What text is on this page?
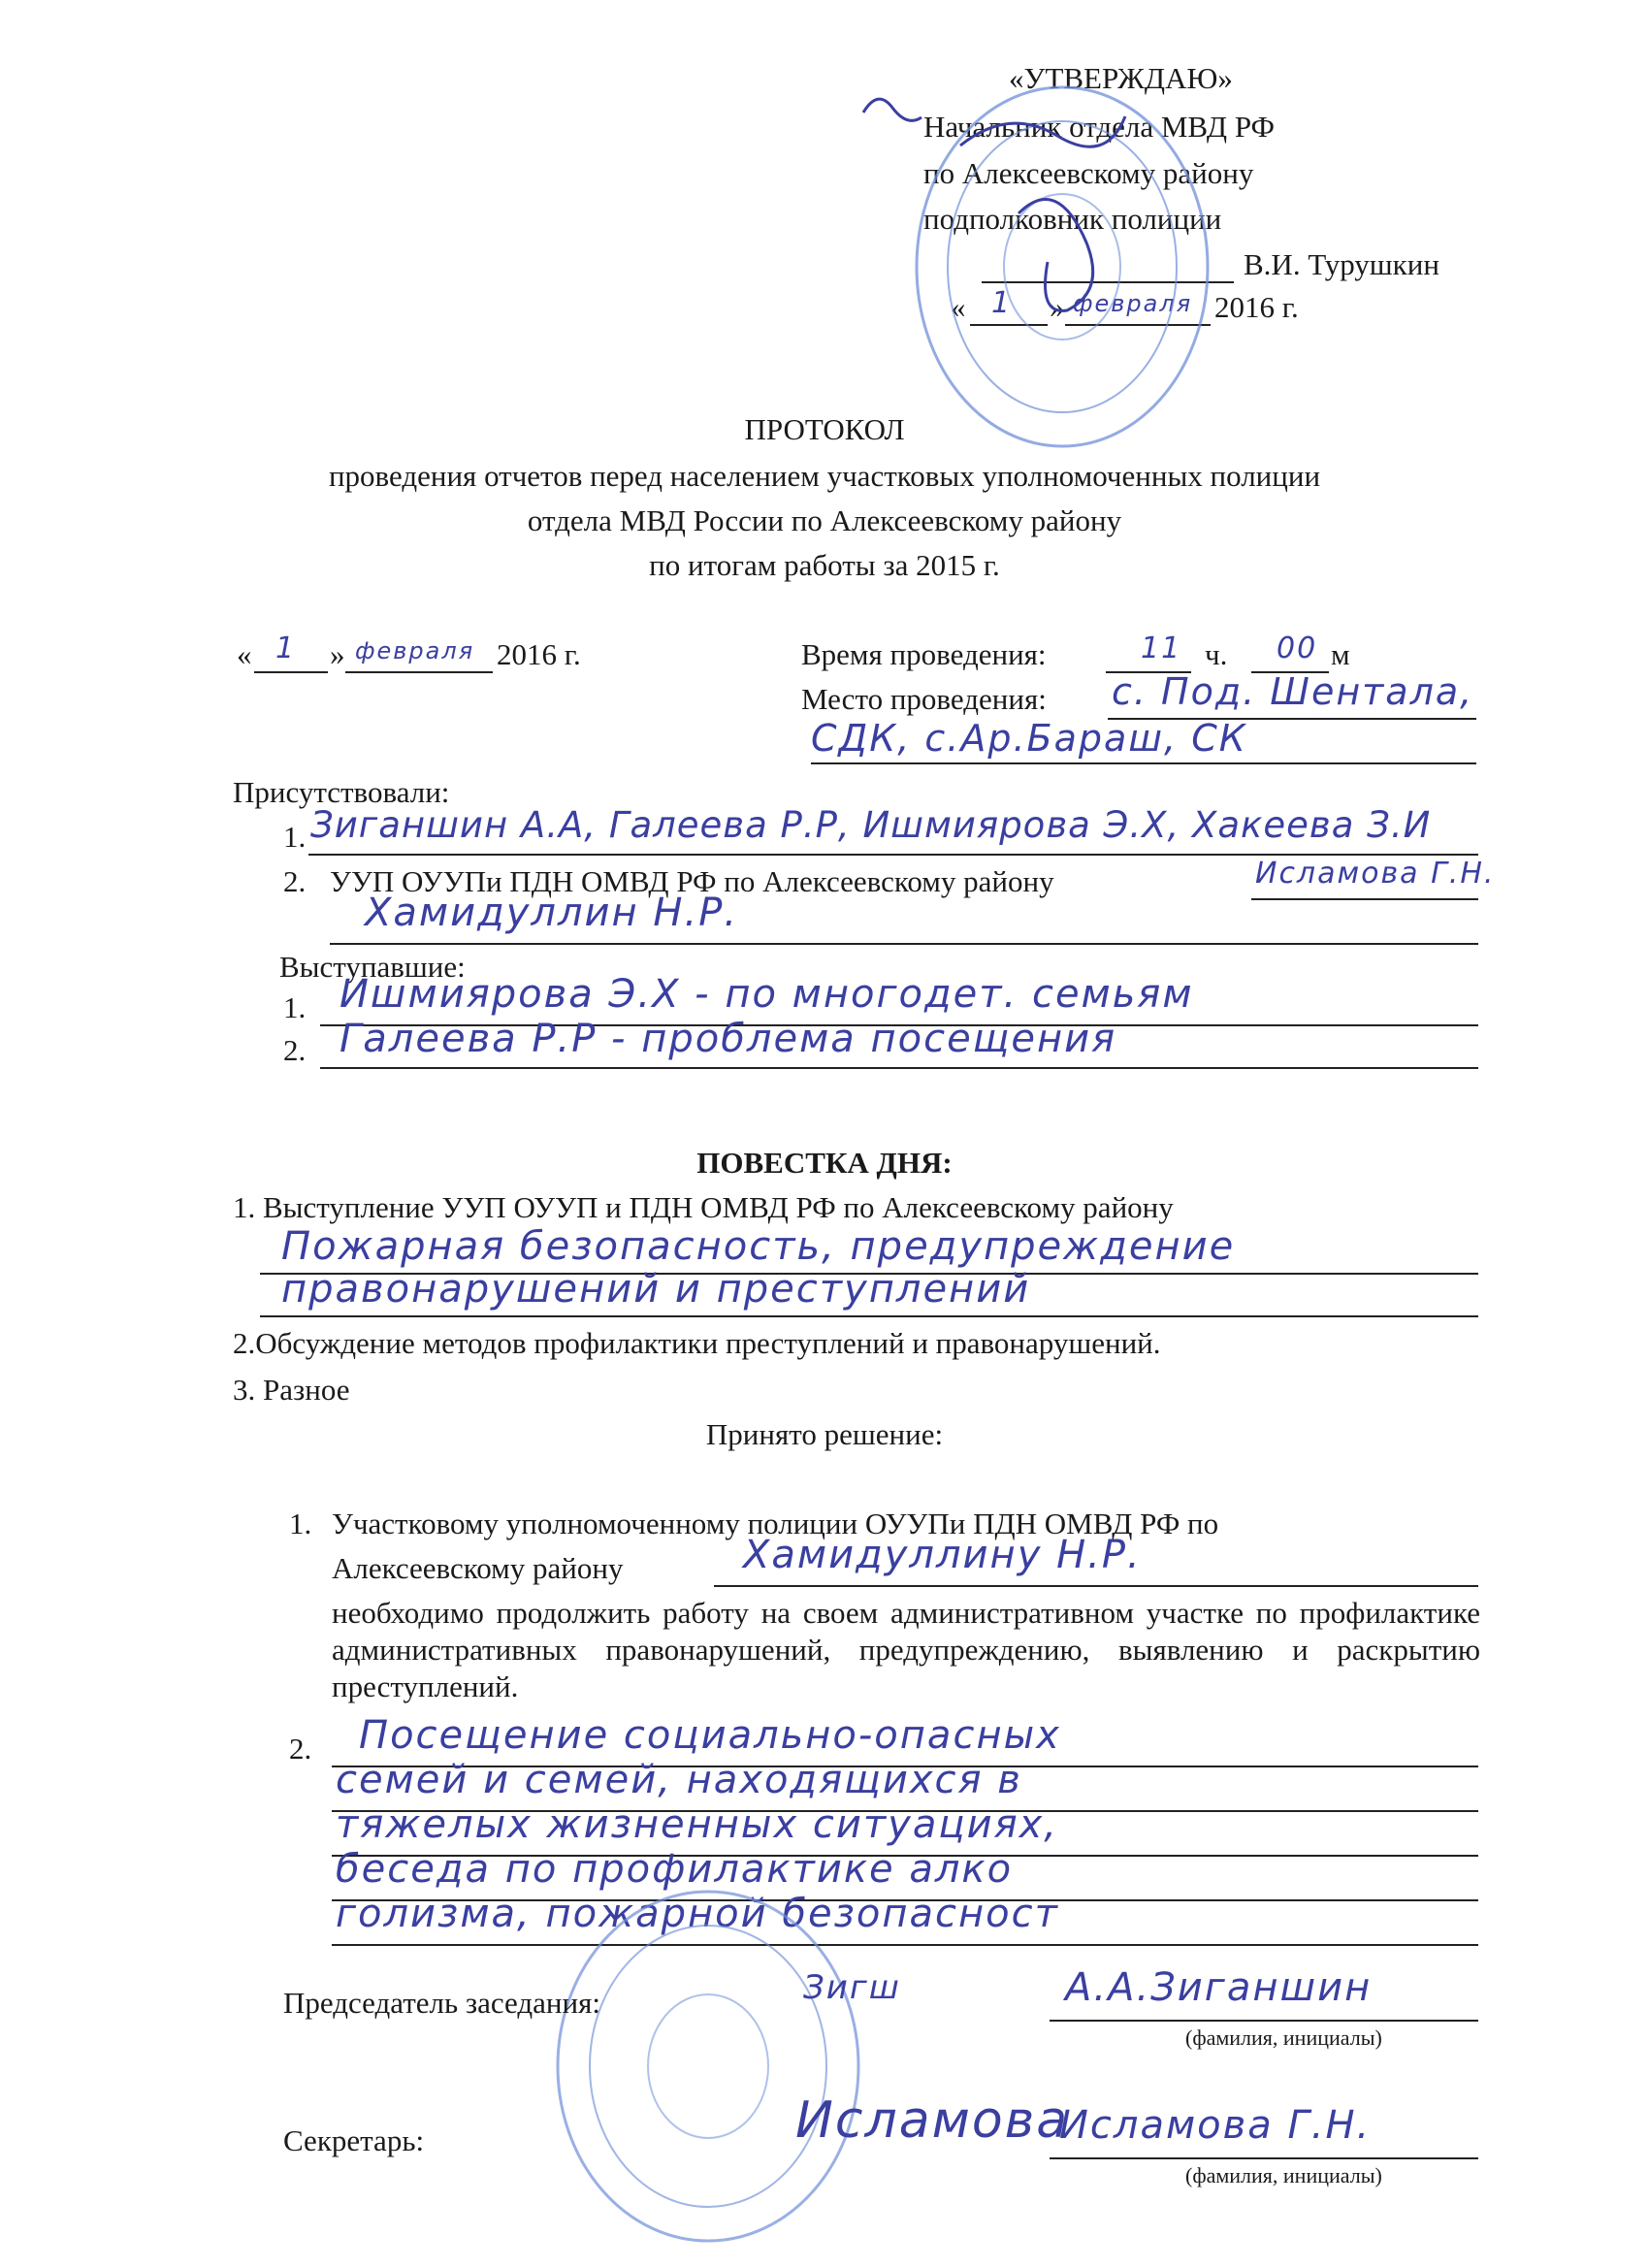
«УТВЕРЖДАЮ»
Начальник отдела МВД РФ
по Алексеевскому району
подполковник полиции
В.И. Турушкин
« 1 » февраля 2016 г.
ПРОТОКОЛ
проведения отчетов перед населением участковых уполномоченных полиции
отдела МВД России по Алексеевскому району
по итогам работы за 2015 г.
« 1 » февраля 2016 г.	Время проведения:	11 ч. 00 м
Место проведения: с. Под. Шентала,
СДК, с.Ар.Бараш, СК
Присутствовали:
1. Зиганшин А.А, Галеева Р.Р, Ишмиярова Э.Х, Хакеева З.И
2. УУП ОУУПи ПДН ОМВД РФ по Алексеевскому району	Исламова Г.Н.
Хамидуллин Н.Р.
Выступавшие:
1. Ишмиярова Э.Х - по многодет. семьям
2. Галеева Р.Р - проблема посещения
ПОВЕСТКА ДНЯ:
1. Выступление УУП ОУУП и ПДН ОМВД РФ по Алексеевскому району
Пожарная безопасность, предупреждение
правонарушений и преступлений
2.Обсуждение методов профилактики преступлений и правонарушений.
3. Разное
Принято решение:
1. Участковому уполномоченному полиции ОУУПи ПДН ОМВД РФ по
Алексеевскому району	Хамидуллину Н.Р.
необходимо продолжить работу на своем административном участке по профилактике административных правонарушений, предупреждению, выявлению и раскрытию преступлений.
2. Посещение социально-опасных
семей и семей, находящихся в
тяжелых жизненных ситуациях,
беседа по профилактике алко
голизма, пожарной безопасност
Председатель заседания:	Зигш	А.А.Зиганшин
(фамилия, инициалы)
Секретарь:	Исламова
Исламова Г.Н.
(фамилия, инициалы)
